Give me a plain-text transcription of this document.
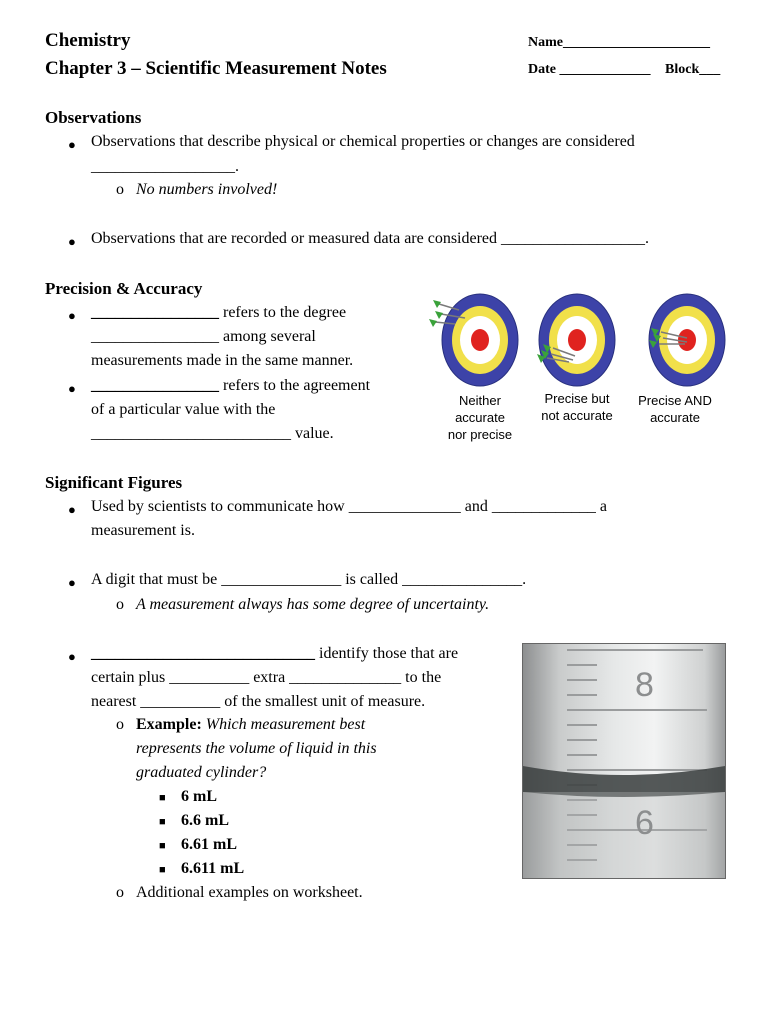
Chemistry
Chapter 3 – Scientific Measurement Notes
Name_____________________
Date _____________ Block___
Observations
● Observations that describe physical or chemical properties or changes are considered
__________________.
o No numbers involved!
● Observations that are recorded or measured data are considered __________________.
Precision & Accuracy
● ________________ refers to the degree
________________ among several
measurements made in the same manner.
● ________________ refers to the agreement
of a particular value with the
_________________________ value.
Neither
accurate
nor precise
Precise but
not accurate
Precise AND
accurate
Significant Figures
● Used by scientists to communicate how ______________ and _____________ a
measurement is.
● A digit that must be _______________ is called _______________.
o A measurement always has some degree of uncertainty.
● ____________________________ identify those that are
certain plus __________ extra ______________ to the
nearest __________ of the smallest unit of measure.
o Example: Which measurement best
represents the volume of liquid in this
graduated cylinder?
■ 6 mL
■ 6.6 mL
■ 6.61 mL
■ 6.611 mL
o Additional examples on worksheet.
8
6
